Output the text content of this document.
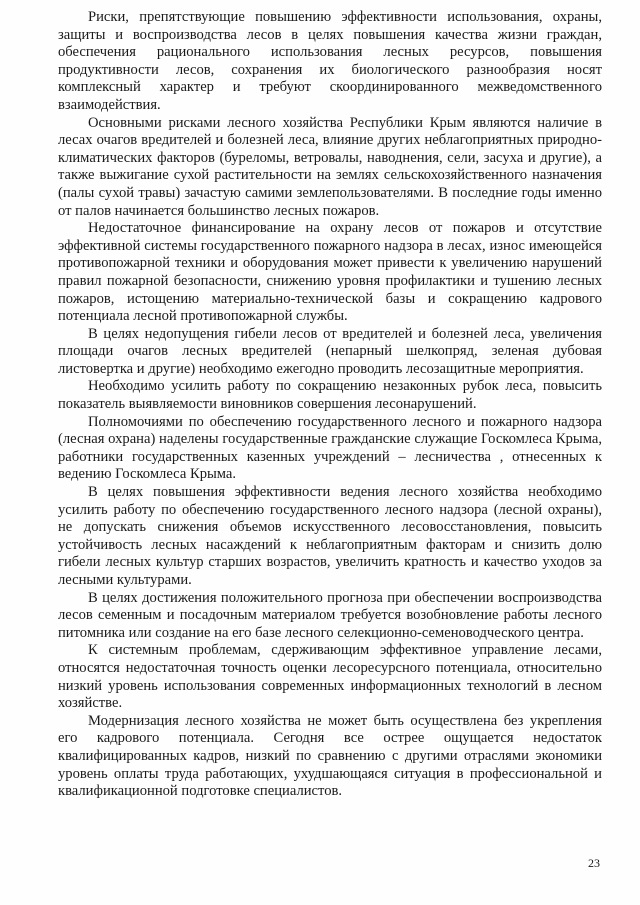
Риски, препятствующие повышению эффективности использования, охраны, защиты и воспроизводства лесов в целях повышения качества жизни граждан, обеспечения рационального использования лесных ресурсов, повышения продуктивности лесов, сохранения их биологического разнообразия носят комплексный характер и требуют скоординированного межведомственного взаимодействия.

Основными рисками лесного хозяйства Республики Крым являются наличие в лесах очагов вредителей и болезней леса, влияние других неблагоприятных природно-климатических факторов (буреломы, ветровалы, наводнения, сели, засуха и другие), а также выжигание сухой растительности на землях сельскохозяйственного назначения (палы сухой травы) зачастую самими землепользователями. В последние годы именно от палов начинается большинство лесных пожаров.

Недостаточное финансирование на охрану лесов от пожаров и отсутствие эффективной системы государственного пожарного надзора в лесах, износ имеющейся противопожарной техники и оборудования может привести к увеличению нарушений правил пожарной безопасности, снижению уровня профилактики и тушению лесных пожаров, истощению материально-технической базы и сокращению кадрового потенциала лесной противопожарной службы.

В целях недопущения гибели лесов от вредителей и болезней леса, увеличения площади очагов лесных вредителей (непарный шелкопряд, зеленая дубовая листовертка и другие) необходимо ежегодно проводить лесозащитные мероприятия.

Необходимо усилить работу по сокращению незаконных рубок леса, повысить показатель выявляемости виновников совершения лесонарушений.

Полномочиями по обеспечению государственного лесного и пожарного надзора (лесная охрана) наделены государственные гражданские служащие Госкомлеса Крыма, работники государственных казенных учреждений – лесничества , отнесенных к ведению Госкомлеса Крыма.

В целях повышения эффективности ведения лесного хозяйства необходимо усилить работу по обеспечению государственного лесного надзора (лесной охраны), не допускать снижения объемов искусственного лесовосстановления, повысить устойчивость лесных насаждений к неблагоприятным факторам и снизить долю гибели лесных культур старших возрастов, увеличить кратность и качество уходов за лесными культурами.

В целях достижения положительного прогноза при обеспечении воспроизводства лесов семенным и посадочным материалом требуется возобновление работы лесного питомника или создание на его базе лесного селекционно-семеноводческого центра.

К системным проблемам, сдерживающим эффективное управление лесами, относятся недостаточная точность оценки лесоресурсного потенциала, относительно низкий уровень использования современных информационных технологий в лесном хозяйстве.

Модернизация лесного хозяйства не может быть осуществлена без укрепления его кадрового потенциала. Сегодня все острее ощущается недостаток квалифицированных кадров, низкий по сравнению с другими отраслями экономики уровень оплаты труда работающих, ухудшающаяся ситуация в профессиональной и квалификационной подготовке специалистов.

23
